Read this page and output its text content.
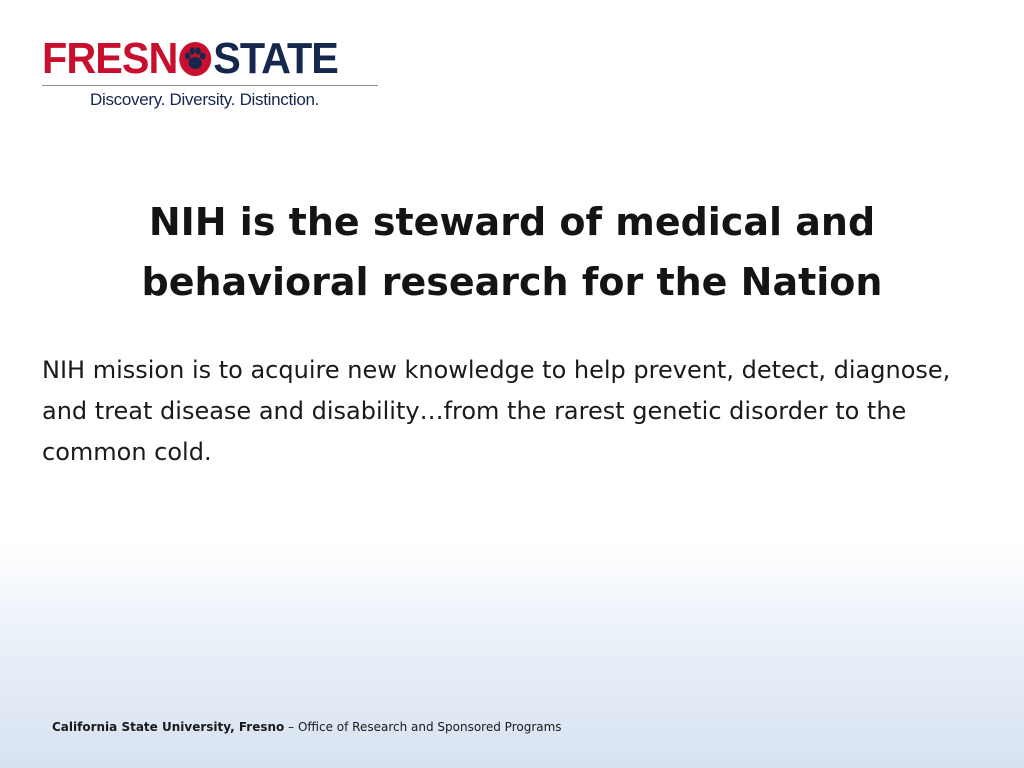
FRESN STATE
Discovery. Diversity. Distinction.
NIH is the steward of medical and
behavioral research for the Nation
NIH mission is to acquire new knowledge to help prevent, detect, diagnose, and treat disease and disability…from the rarest genetic disorder to the common cold.
California State University, Fresno – Office of Research and Sponsored Programs
